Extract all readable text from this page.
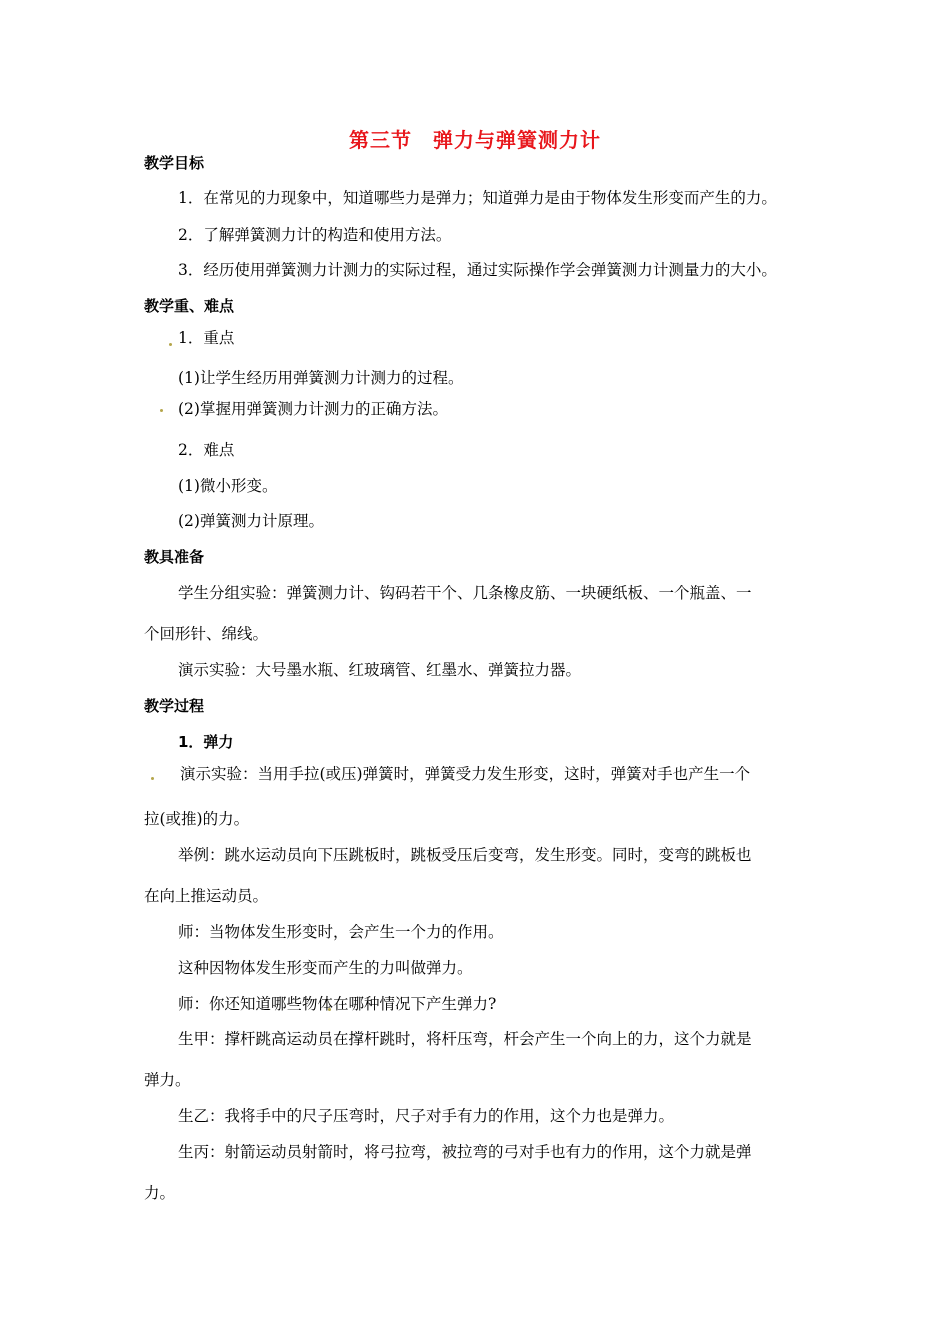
第三节　弹力与弹簧测力计
教学目标
1．在常见的力现象中，知道哪些力是弹力；知道弹力是由于物体发生形变而产生的力。
2．了解弹簧测力计的构造和使用方法。
3．经历使用弹簧测力计测力的实际过程，通过实际操作学会弹簧测力计测量力的大小。
教学重、难点
1．重点
(1)让学生经历用弹簧测力计测力的过程。
(2)掌握用弹簧测力计测力的正确方法。
2．难点
(1)微小形变。
(2)弹簧测力计原理。
教具准备
学生分组实验：弹簧测力计、钩码若干个、几条橡皮筋、一块硬纸板、一个瓶盖、一
个回形针、绵线。
演示实验：大号墨水瓶、红玻璃管、红墨水、弹簧拉力器。
教学过程
1．弹力
演示实验：当用手拉(或压)弹簧时，弹簧受力发生形变，这时，弹簧对手也产生一个
拉(或推)的力。
举例：跳水运动员向下压跳板时，跳板受压后变弯，发生形变。同时，变弯的跳板也
在向上推运动员。
师：当物体发生形变时，会产生一个力的作用。
这种因物体发生形变而产生的力叫做弹力。
师：你还知道哪些物体在哪种情况下产生弹力?
生甲：撑杆跳高运动员在撑杆跳时，将杆压弯，杆会产生一个向上的力，这个力就是
弹力。
生乙：我将手中的尺子压弯时，尺子对手有力的作用，这个力也是弹力。
生丙：射箭运动员射箭时，将弓拉弯，被拉弯的弓对手也有力的作用，这个力就是弹
力。
